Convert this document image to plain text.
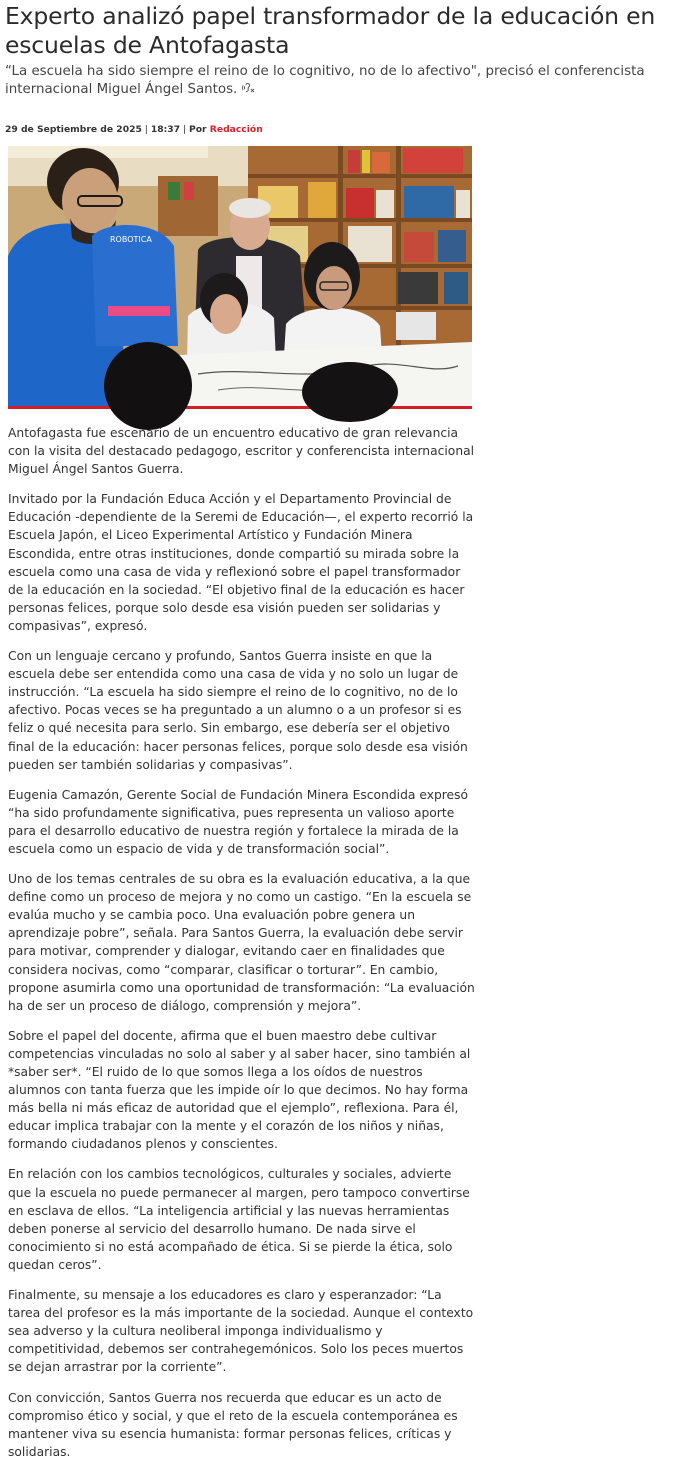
Experto analizó papel transformador de la educación en escuelas de Antofagasta
“La escuela ha sido siempre el reino de lo cognitivo, no de lo afectivo", precisó el conferencista internacional Miguel Ángel Santos.
29 de Septiembre de 2025 | 18:37 | Por Redacción
ROBOTICA

Antofagasta fue escenario de un encuentro educativo de gran relevancia con la visita del destacado pedagogo, escritor y conferencista internacional Miguel Ángel Santos Guerra.

Invitado por la Fundación Educa Acción y el Departamento Provincial de Educación -dependiente de la Seremi de Educación—, el experto recorrió la Escuela Japón, el Liceo Experimental Artístico y Fundación Minera Escondida, entre otras instituciones, donde compartió su mirada sobre la escuela como una casa de vida y reflexionó sobre el papel transformador de la educación en la sociedad. “El objetivo final de la educación es hacer personas felices, porque solo desde esa visión pueden ser solidarias y compasivas”, expresó.

Con un lenguaje cercano y profundo, Santos Guerra insiste en que la escuela debe ser entendida como una casa de vida y no solo un lugar de instrucción. “La escuela ha sido siempre el reino de lo cognitivo, no de lo afectivo. Pocas veces se ha preguntado a un alumno o a un profesor si es feliz o qué necesita para serlo. Sin embargo, ese debería ser el objetivo final de la educación: hacer personas felices, porque solo desde esa visión pueden ser también solidarias y compasivas”.

Eugenia Camazón, Gerente Social de Fundación Minera Escondida expresó “ha sido profundamente significativa, pues representa un valioso aporte para el desarrollo educativo de nuestra región y fortalece la mirada de la escuela como un espacio de vida y de transformación social”.

Uno de los temas centrales de su obra es la evaluación educativa, a la que define como un proceso de mejora y no como un castigo. “En la escuela se evalúa mucho y se cambia poco. Una evaluación pobre genera un aprendizaje pobre”, señala. Para Santos Guerra, la evaluación debe servir para motivar, comprender y dialogar, evitando caer en finalidades que considera nocivas, como “comparar, clasificar o torturar”. En cambio, propone asumirla como una oportunidad de transformación: “La evaluación ha de ser un proceso de diálogo, comprensión y mejora”.

Sobre el papel del docente, afirma que el buen maestro debe cultivar competencias vinculadas no solo al saber y al saber hacer, sino también al *saber ser*. “El ruido de lo que somos llega a los oídos de nuestros alumnos con tanta fuerza que les impide oír lo que decimos. No hay forma más bella ni más eficaz de autoridad que el ejemplo”, reflexiona. Para él, educar implica trabajar con la mente y el corazón de los niños y niñas, formando ciudadanos plenos y conscientes.

En relación con los cambios tecnológicos, culturales y sociales, advierte que la escuela no puede permanecer al margen, pero tampoco convertirse en esclava de ellos. “La inteligencia artificial y las nuevas herramientas deben ponerse al servicio del desarrollo humano. De nada sirve el conocimiento si no está acompañado de ética. Si se pierde la ética, solo quedan ceros”.

Finalmente, su mensaje a los educadores es claro y esperanzador: “La tarea del profesor es la más importante de la sociedad. Aunque el contexto sea adverso y la cultura neoliberal imponga individualismo y competitividad, debemos ser contrahegemónicos. Solo los peces muertos se dejan arrastrar por la corriente”.

Con convicción, Santos Guerra nos recuerda que educar es un acto de compromiso ético y social, y que el reto de la escuela contemporánea es mantener viva su esencia humanista: formar personas felices, críticas y solidarias.
